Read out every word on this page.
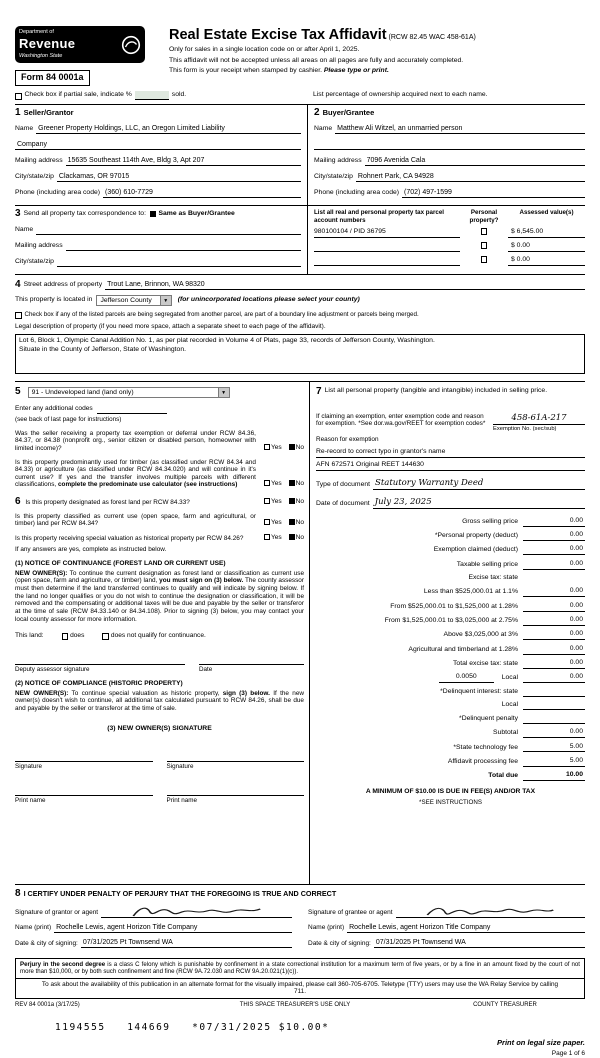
Department of
Revenue
Washington State
Form 84 0001a
Real Estate Excise Tax Affidavit (RCW 82.45 WAC 458-61A)
Only for sales in a single location code on or after April 1, 2025.
This affidavit will not be accepted unless all areas on all pages are fully and accurately completed.
This form is your receipt when stamped by cashier. Please type or print.
Check box if partial sale, indicate %	sold.	List percentage of ownership acquired next to each name.
1 Seller/Grantor
Name Greener Property Holdings, LLC, an Oregon Limited Liability
Company
Mailing address 15635 Southeast 114th Ave, Bldg 3, Apt 207
City/state/zip Clackamas, OR 97015
Phone (including area code) (360) 610-7729
2 Buyer/Grantee
Name Matthew Ali Witzel, an unmarried person
Mailing address 7096 Avenida Cala
City/state/zip Rohnert Park, CA 94928
Phone (including area code) (702) 497-1599
3 Send all property tax correspondence to: Same as Buyer/Grantee
Name
Mailing address
City/state/zip
List all real and personal property tax parcel account numbers
Personal property?
Assessed value(s)
980100104 / PID 36795	$ 6,545.00
$ 0.00
$ 0.00
4 Street address of property Trout Lane, Brinnon, WA 98320
This property is located in	Jefferson County	▼	(for unincorporated locations please select your county)
Check box if any of the listed parcels are being segregated from another parcel, are part of a boundary line adjustment or parcels being merged.
Legal description of property (if you need more space, attach a separate sheet to each page of the affidavit).
Lot 6, Block 1, Olympic Canal Addition No. 1, as per plat recorded in Volume 4 of Plats, page 33, records of Jefferson County, Washington.
Situate in the County of Jefferson, State of Washington.
5	91 - Undeveloped land (land only)	▼
Enter any additional codes
(see back of last page for instructions)
Was the seller receiving a property tax exemption or deferral under RCW 84.36, 84.37, or 84.38 (nonprofit org., senior citizen or disabled person, homeowner with limited income)?	Yes No
Is this property predominantly used for timber (as classified under RCW 84.34 and 84.33) or agriculture (as classified under RCW 84.34.020) and will continue in it's current use? If yes and the transfer involves multiple parcels with different classifications, complete the predominate use calculator (see instructions)	Yes No
6 Is this property designated as forest land per RCW 84.33?	Yes No
Is this property classified as current use (open space, farm and agricultural, or timber) land per RCW 84.34?	Yes No
Is this property receiving special valuation as historical property per RCW 84.26?	Yes No
If any answers are yes, complete as instructed below.
(1) NOTICE OF CONTINUANCE (FOREST LAND OR CURRENT USE)
NEW OWNER(S): To continue the current designation as forest land or classification as current use (open space, farm and agriculture, or timber) land, you must sign on (3) below. The county assessor must then determine if the land transferred continues to qualify and will indicate by signing below. If the land no longer qualifies or you do not wish to continue the designation or classification, it will be removed and the compensating or additional taxes will be due and payable by the seller or transferor at the time of sale (RCW 84.33.140 or 84.34.108). Prior to signing (3) below, you may contact your local county assessor for more information.
This land:	does	does not qualify for continuance.
Deputy assessor signature	Date
(2) NOTICE OF COMPLIANCE (HISTORIC PROPERTY)
NEW OWNER(S): To continue special valuation as historic property, sign (3) below. If the new owner(s) doesn't wish to continue, all additional tax calculated pursuant to RCW 84.26, shall be due and payable by the seller or transferor at the time of sale.
(3) NEW OWNER(S) SIGNATURE
Signature	Signature
Print name	Print name
7 List all personal property (tangible and intangible) included in selling price.
If claiming an exemption, enter exemption code and reason for exemption. *See dor.wa.gov/REET for exemption codes*
458-61A-217
Exemption No. (sec/sub)
Reason for exemption
Re-record to correct typo in grantor's name
AFN 672571 Original REET 144630
Type of document Statutory Warranty Deed
Date of document July 23, 2025
Gross selling price	0.00
*Personal property (deduct)	0.00
Exemption claimed (deduct)	0.00
Taxable selling price	0.00
Excise tax: state
Less than $525,000.01 at 1.1%	0.00
From $525,000.01 to $1,525,000 at 1.28%	0.00
From $1,525,000.01 to $3,025,000 at 2.75%	0.00
Above $3,025,000 at 3%	0.00
Agricultural and timberland at 1.28%	0.00
Total excise tax: state	0.00
0.0050	Local	0.00
*Delinquent interest: state
Local
*Delinquent penalty
Subtotal	0.00
*State technology fee	5.00
Affidavit processing fee	5.00
Total due	10.00
A MINIMUM OF $10.00 IS DUE IN FEE(S) AND/OR TAX
*SEE INSTRUCTIONS
8 I CERTIFY UNDER PENALTY OF PERJURY THAT THE FOREGOING IS TRUE AND CORRECT
Signature of grantor or agent
Name (print) Rochelle Lewis, agent Horizon Title Company
Date & city of signing: 07/31/2025 Pt Townsend WA
Signature of grantee or agent
Name (print) Rochelle Lewis, agent Horizon Title Company
Date & city of signing: 07/31/2025 Pt Townsend WA
Perjury in the second degree is a class C felony which is punishable by confinement in a state correctional institution for a maximum term of five years, or by a fine in an amount fixed by the court of not more than $10,000, or by both such confinement and fine (RCW 9A.72.030 and RCW 9A.20.021(1)(c)).
To ask about the availability of this publication in an alternate format for the visually impaired, please call 360-705-6705. Teletype (TTY) users may use the WA Relay Service by calling 711.
REV 84 0001a (3/17/25)	THIS SPACE TREASURER'S USE ONLY	COUNTY TREASURER
1194555   144669   *07/31/2025 $10.00*
Print on legal size paper.
Page 1 of 6
